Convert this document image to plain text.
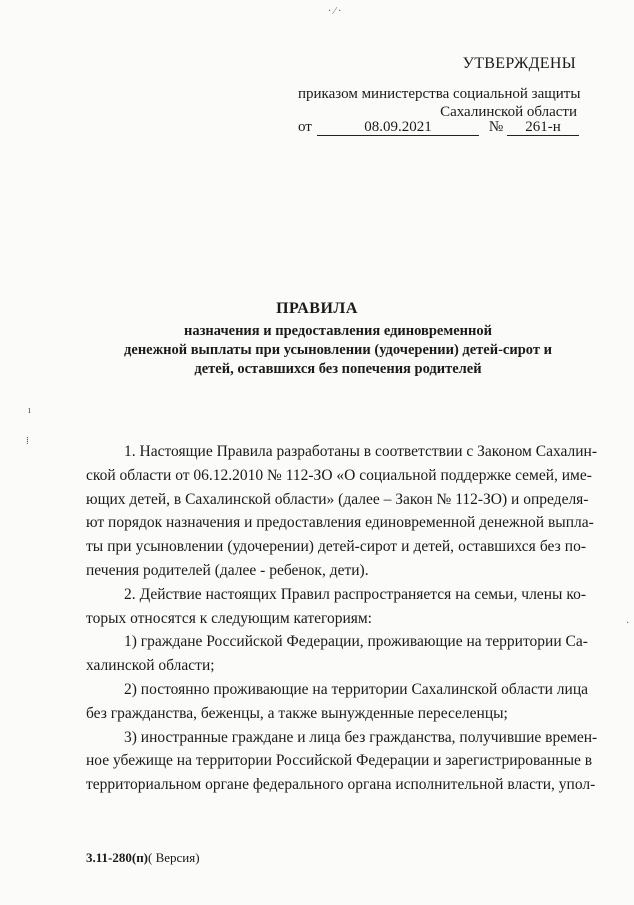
УТВЕРЖДЕНЫ
приказом министерства социальной защиты
Сахалинской области
от	08.09.2021	№ 261-н
ПРАВИЛА
назначения и предоставления единовременной
денежной выплаты при усыновлении (удочерении) детей-сирот и
детей, оставшихся без попечения родителей
1. Настоящие Правила разработаны в соответствии с Законом Сахалин-
ской области от 06.12.2010 № 112-ЗО «О социальной поддержке семей, име-
ющих детей, в Сахалинской области» (далее – Закон № 112-ЗО) и определя-
ют порядок назначения и предоставления единовременной денежной выпла-
ты при усыновлении (удочерении) детей-сирот и детей, оставшихся без по-
печения родителей (далее - ребенок, дети).
2. Действие настоящих Правил распространяется на семьи, члены ко-
торых относятся к следующим категориям:
1) граждане Российской Федерации, проживающие на территории Са-
халинской области;
2) постоянно проживающие на территории Сахалинской области лица
без гражданства, беженцы, а также вынужденные переселенцы;
3) иностранные граждане и лица без гражданства, получившие времен-
ное убежище на территории Российской Федерации и зарегистрированные в
территориальном органе федерального органа исполнительной власти, упол-
3.11-280(п)( Версия)
· ⁄ ·
ı
⁞
·
